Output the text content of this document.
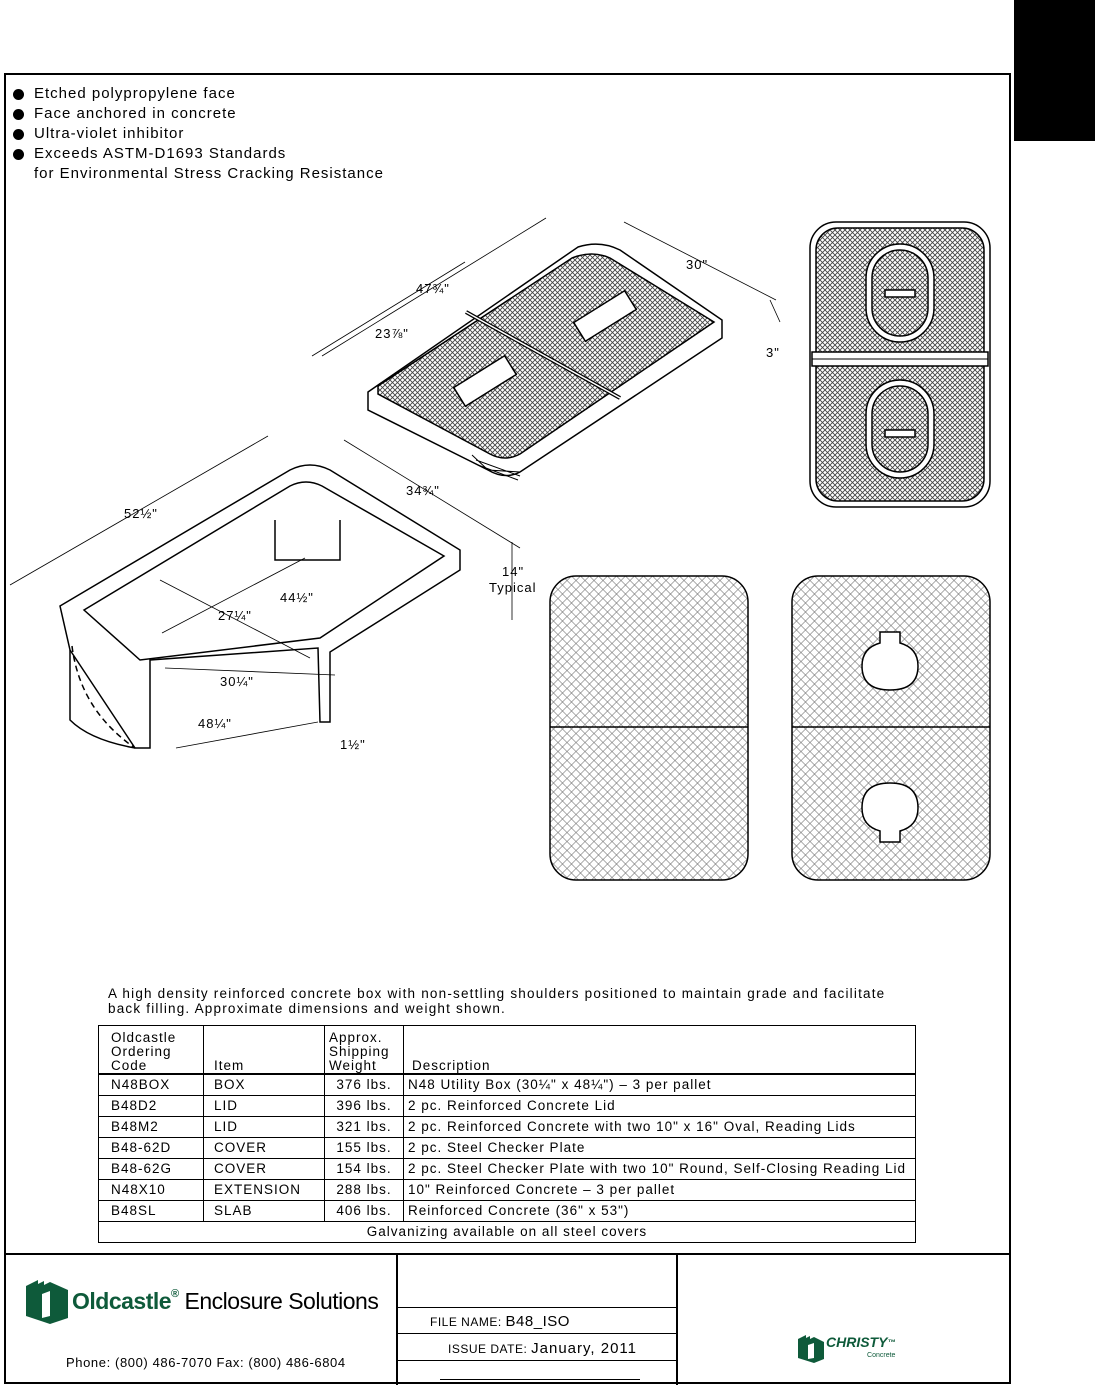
Etched polypropylene face
Face anchored in concrete
Ultra-violet inhibitor
Exceeds ASTM-D1693 Standards
for Environmental Stress Cracking Resistance
47¾"
23⅞"
30"
3"
52½"
34¾"
14"
Typical
44½"
27¼"
30¼"
48¼"
1½"
A high density reinforced concrete box with non-settling shoulders positioned to maintain grade and facilitate back filling. Approximate dimensions and weight shown.
Oldcastle
Ordering
Code	Item	Approx.
Shipping
Weight	Description
N48BOX	BOX	376 lbs.	N48 Utility Box (30¼" x 48¼") – 3 per pallet
B48D2	LID	396 lbs.	2 pc. Reinforced Concrete Lid
B48M2	LID	321 lbs.	2 pc. Reinforced Concrete with two 10" x 16" Oval, Reading Lids
B48-62D	COVER	155 lbs.	2 pc. Steel Checker Plate
B48-62G	COVER	154 lbs.	2 pc. Steel Checker Plate with two 10" Round, Self-Closing Reading Lid
N48X10	EXTENSION	288 lbs.	10" Reinforced Concrete – 3 per pallet
B48SL	SLAB	406 lbs.	Reinforced Concrete (36" x 53")
Galvanizing available on all steel covers			
Oldcastle® Enclosure Solutions
Phone: (800) 486-7070 Fax: (800) 486-6804
FILE NAME: B48_ISO
ISSUE DATE: January, 2011	CHRISTY™
Concrete
